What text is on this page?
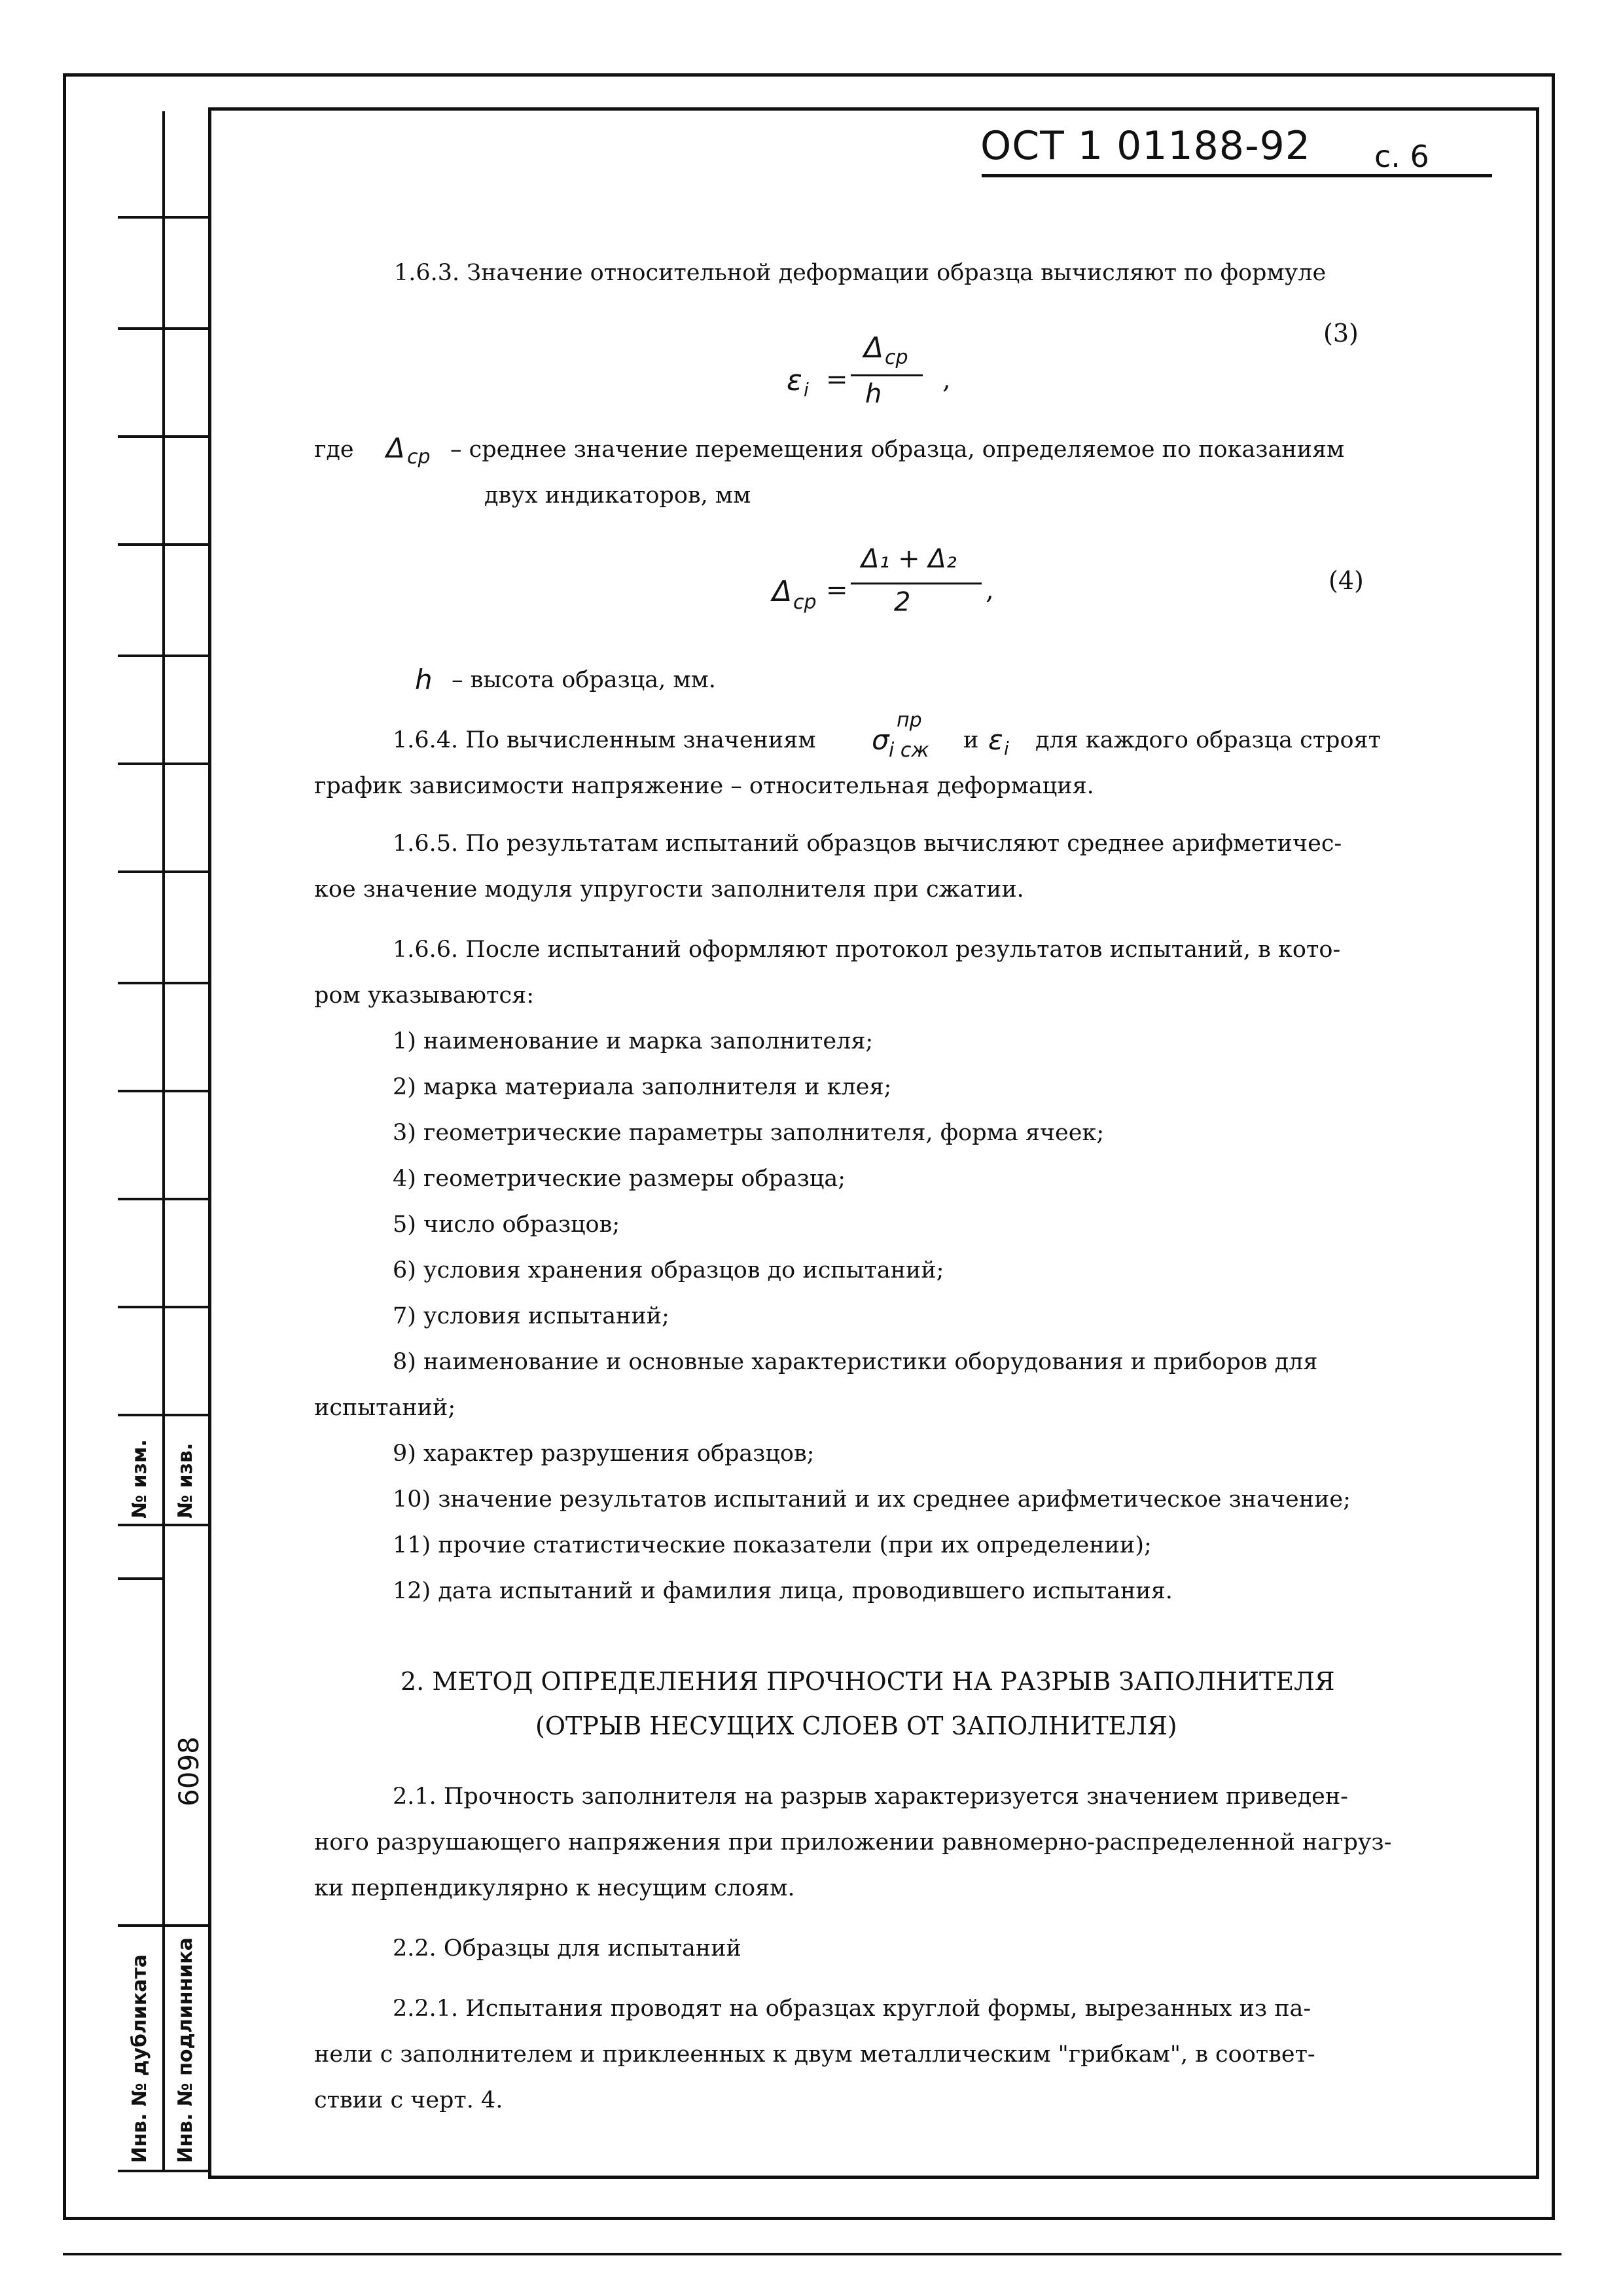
№ изм. № изв.
6098
Инв. № дубликата Инв. № подлинника
ОСТ 1 01188-92 с. 6
1.6.3. Значение относительной деформации образца вычисляют по формуле
ε i =
Δ cp
h ,
(3)
где Δ cp – среднее значение перемещения образца, определяемое по показаниям
двух индикаторов, мм
Δ cp =
Δ₁ + Δ₂
2	,	(4)
h – высота образца, мм.
1.6.4. По вычисленным значениям σ
пр
i сж и ε i для каждого образца строят
график зависимости напряжение – относительная деформация.
1.6.5. По результатам испытаний образцов вычисляют среднее арифметичес-
кое значение модуля упругости заполнителя при сжатии.
1.6.6. После испытаний оформляют протокол результатов испытаний, в кото-
ром указываются:
1) наименование и марка заполнителя;
2) марка материала заполнителя и клея;
3) геометрические параметры заполнителя, форма ячеек;
4) геометрические размеры образца;
5) число образцов;
6) условия хранения образцов до испытаний;
7) условия испытаний;
8) наименование и основные характеристики оборудования и приборов для
испытаний;
9) характер разрушения образцов;
10) значение результатов испытаний и их среднее арифметическое значение;
11) прочие статистические показатели (при их определении);
12) дата испытаний и фамилия лица, проводившего испытания.
2. МЕТОД ОПРЕДЕЛЕНИЯ ПРОЧНОСТИ НА РАЗРЫВ ЗАПОЛНИТЕЛЯ
(ОТРЫВ НЕСУЩИХ СЛОЕВ ОТ ЗАПОЛНИТЕЛЯ)
2.1. Прочность заполнителя на разрыв характеризуется значением приведен-
ного разрушающего напряжения при приложении равномерно-распределенной нагруз-
ки перпендикулярно к несущим слоям.
2.2. Образцы для испытаний
2.2.1. Испытания проводят на образцах круглой формы, вырезанных из па-
нели с заполнителем и приклеенных к двум металлическим "грибкам", в соответ-
ствии с черт. 4.
